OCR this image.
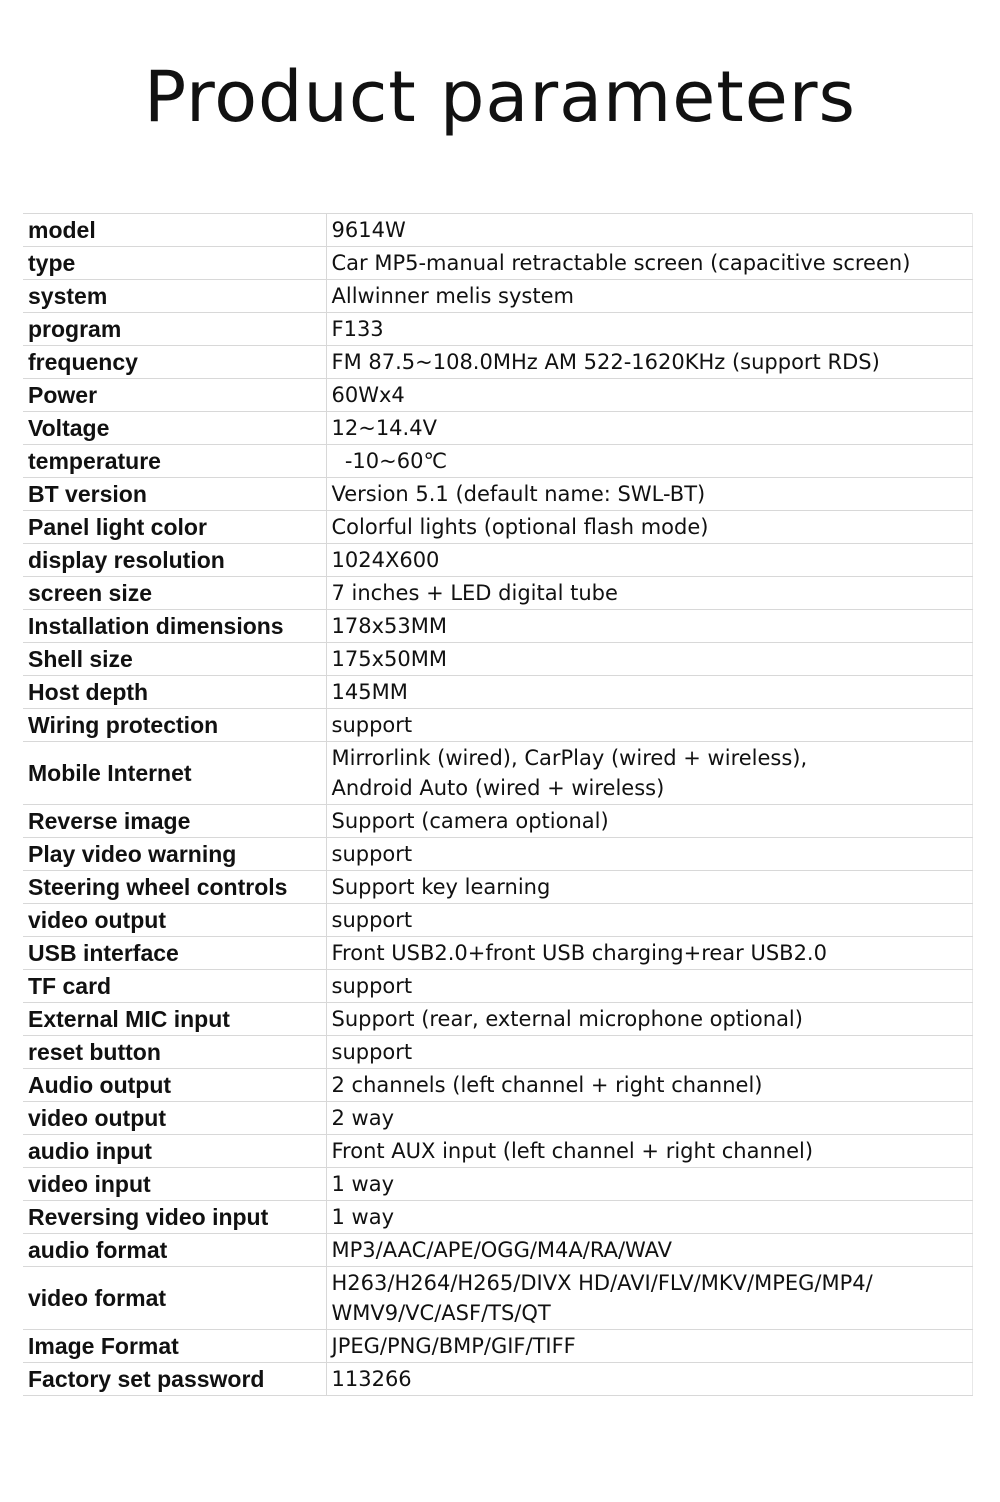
Product parameters
model	9614W
type	Car MP5-manual retractable screen (capacitive screen)
system	Allwinner melis system
program	F133
frequency	FM 87.5~108.0MHz AM 522-1620KHz (support RDS)
Power	60Wx4
Voltage	12~14.4V
temperature	-10~60℃
BT version	Version 5.1 (default name: SWL-BT)
Panel light color	Colorful lights (optional flash mode)
display resolution	1024X600
screen size	7 inches + LED digital tube
Installation dimensions	178x53MM
Shell size	175x50MM
Host depth	145MM
Wiring protection	support
Mobile Internet	Mirrorlink (wired), CarPlay (wired + wireless),
Android Auto (wired + wireless)
Reverse image	Support (camera optional)
Play video warning	support
Steering wheel controls	Support key learning
video output	support
USB interface	Front USB2.0+front USB charging+rear USB2.0
TF card	support
External MIC input	Support (rear, external microphone optional)
reset button	support
Audio output	2 channels (left channel + right channel)
video output	2 way
audio input	Front AUX input (left channel + right channel)
video input	1 way
Reversing video input	1 way
audio format	MP3/AAC/APE/OGG/M4A/RA/WAV
video format	H263/H264/H265/DIVX HD/AVI/FLV/MKV/MPEG/MP4/
WMV9/VC/ASF/TS/QT
Image Format	JPEG/PNG/BMP/GIF/TIFF
Factory set password	113266
